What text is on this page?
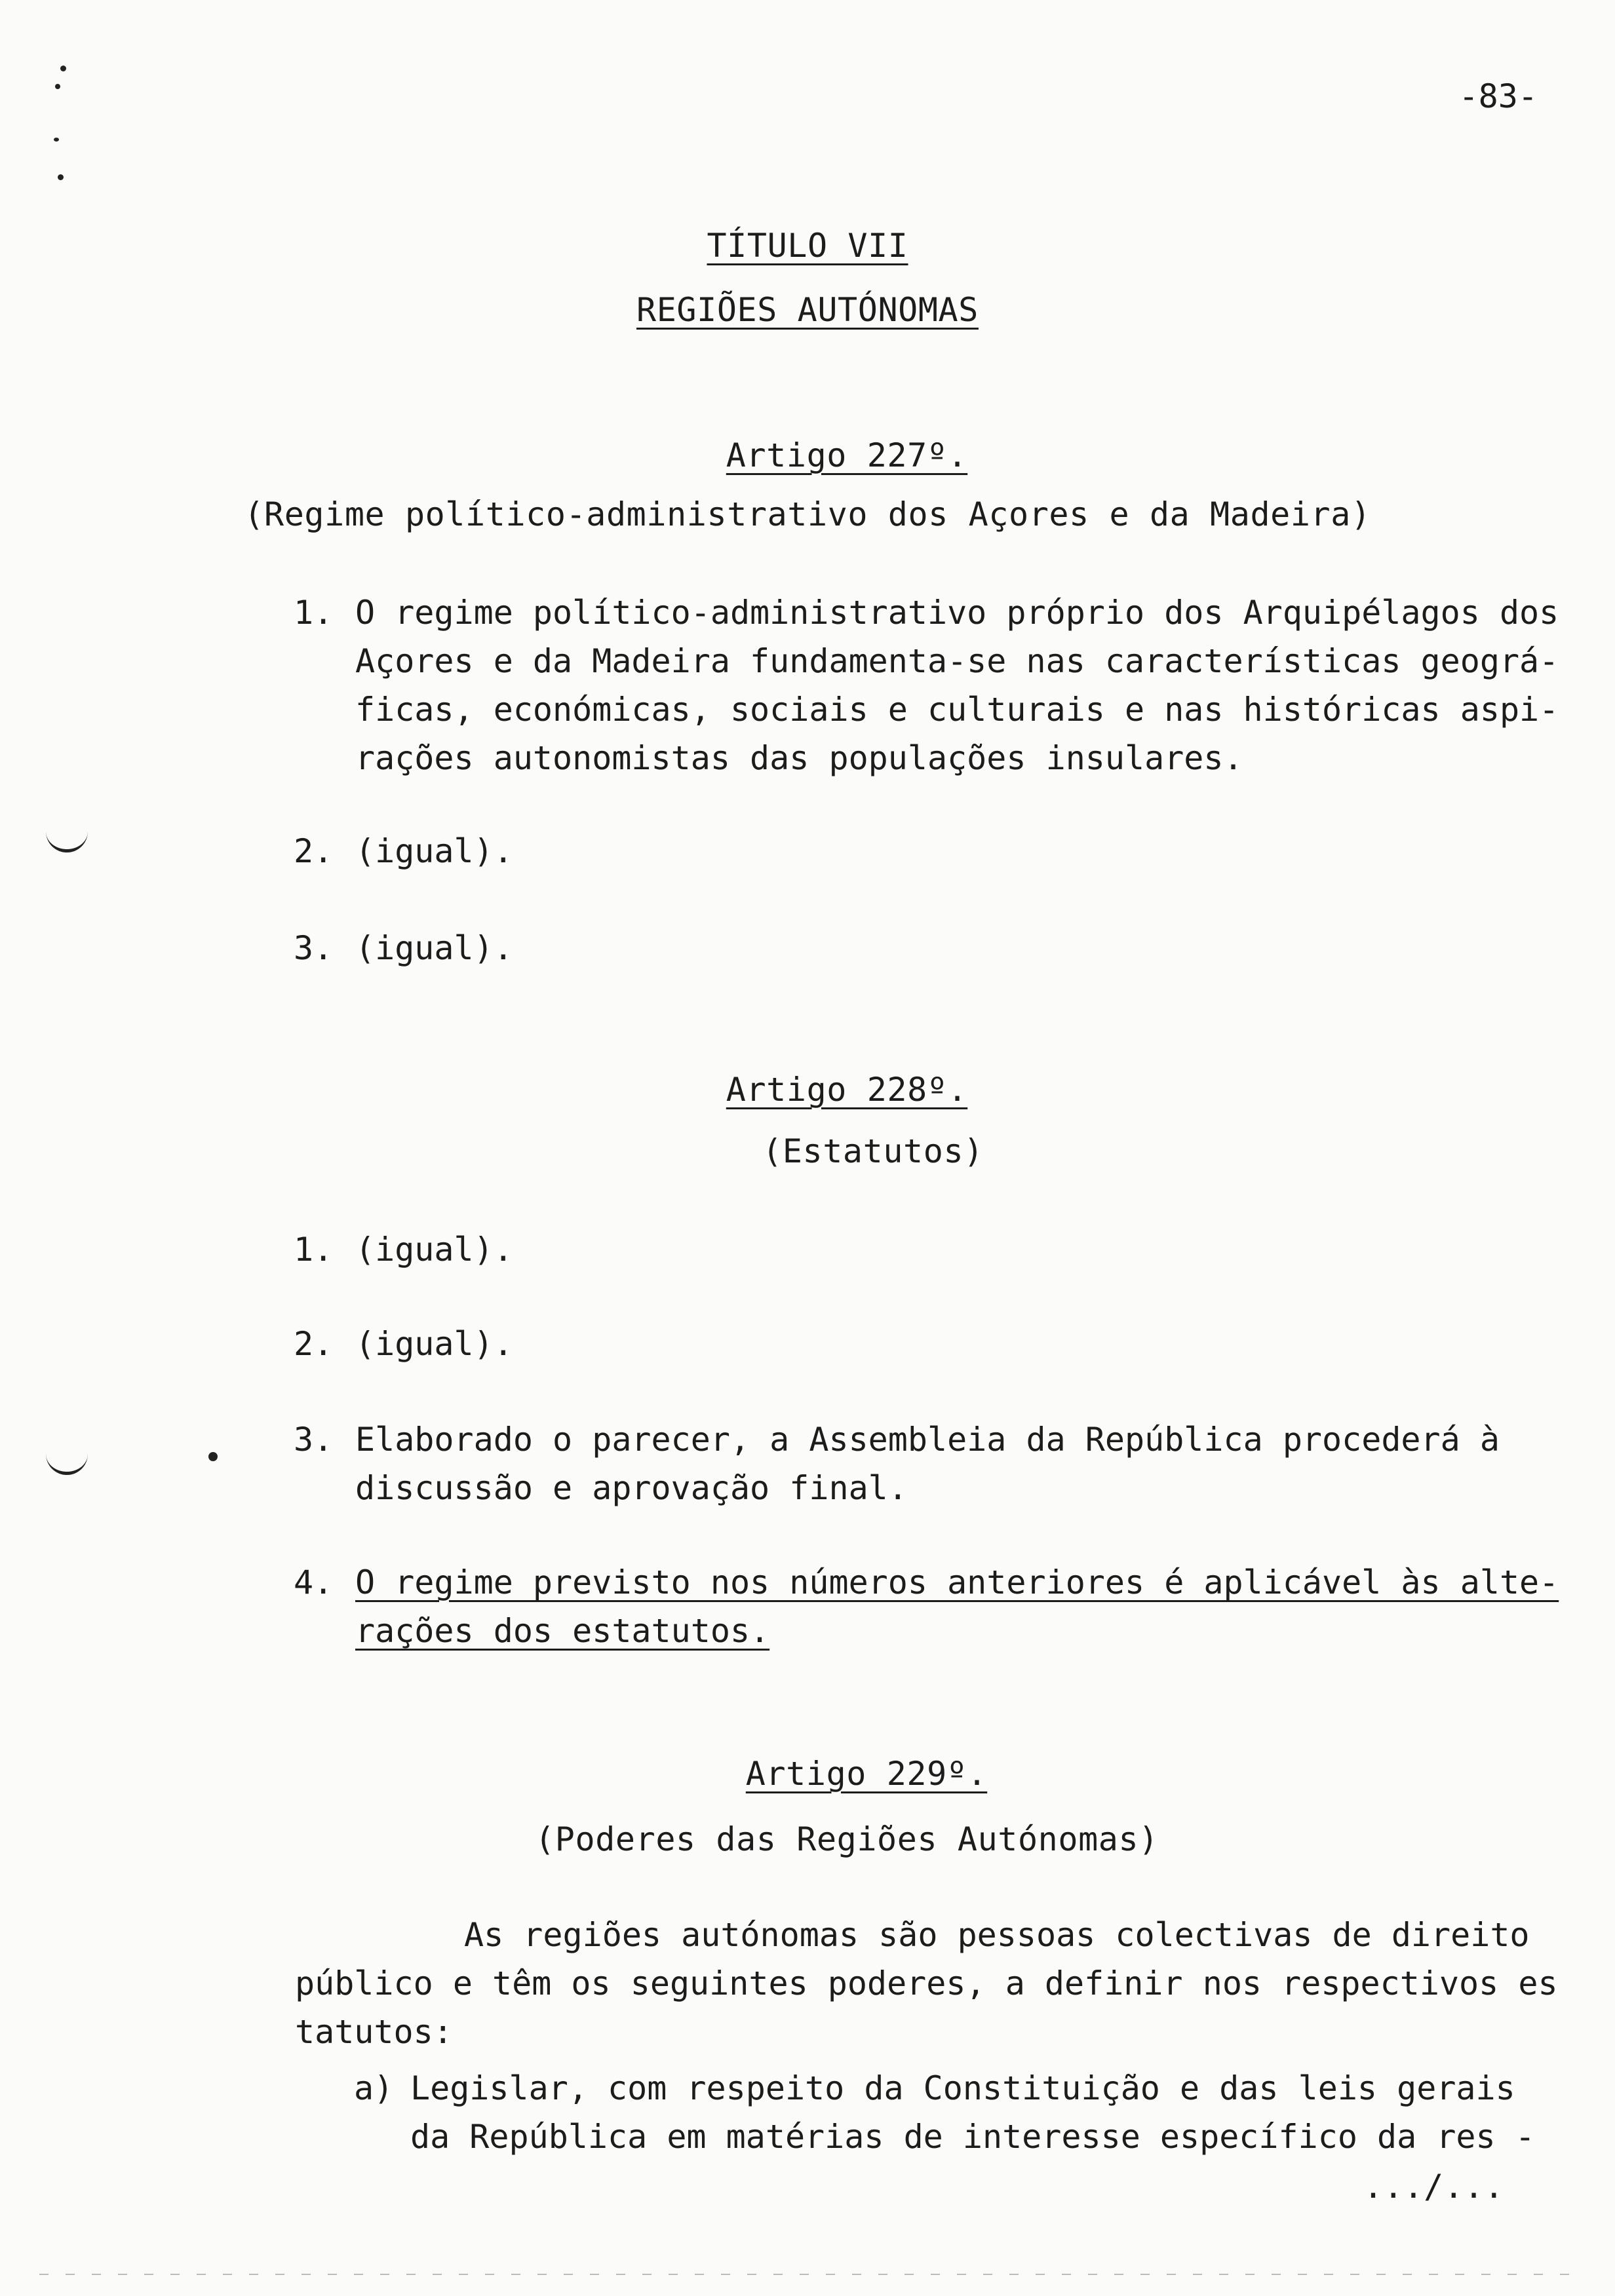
-83-
TÍTULO VII
REGIÕES AUTÓNOMAS
Artigo 227º.
(Regime político-administrativo dos Açores e da Madeira)
1. O regime político-administrativo próprio dos Arquipélagos dos
Açores e da Madeira fundamenta-se nas características geográ-
ficas, económicas, sociais e culturais e nas históricas aspi-
rações autonomistas das populações insulares.
2. (igual).
3. (igual).
Artigo 228º.
(Estatutos)
1. (igual).
2. (igual).
3. Elaborado o parecer, a Assembleia da República procederá à
discussão e aprovação final.
4. O regime previsto nos números anteriores é aplicável às alte-
rações dos estatutos.
Artigo 229º.
(Poderes das Regiões Autónomas)
As regiões autónomas são pessoas colectivas de direito
público e têm os seguintes poderes, a definir nos respectivos es
tatutos:
a) Legislar, com respeito da Constituição e das leis gerais
da República em matérias de interesse específico da res -
.../...
